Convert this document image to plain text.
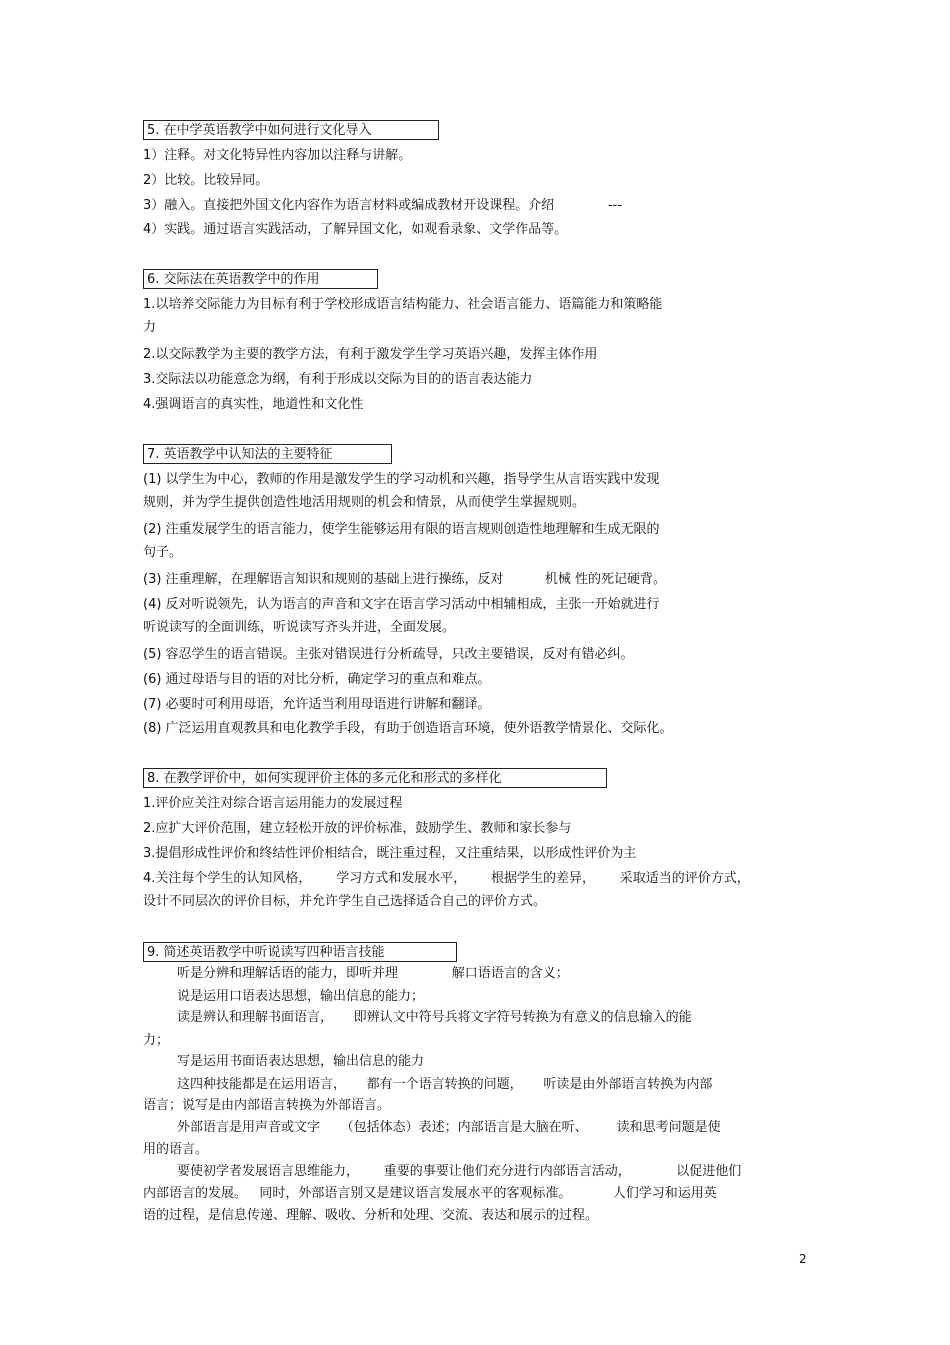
5. 在中学英语教学中如何进行文化导入
1）注释。对文化特异性内容加以注释与讲解。
2）比较。比较异同。
3）融入。直接把外国文化内容作为语言材料或编成教材开设课程。介绍             ---
4）实践。通过语言实践活动，了解异国文化，如观看录象、文学作品等。
6. 交际法在英语教学中的作用
1.以培养交际能力为目标有利于学校形成语言结构能力、社会语言能力、语篇能力和策略能
力
2.以交际教学为主要的教学方法，有利于激发学生学习英语兴趣，发挥主体作用
3.交际法以功能意念为纲，有利于形成以交际为目的的语言表达能力
4.强调语言的真实性，地道性和文化性
7. 英语教学中认知法的主要特征
(1) 以学生为中心，教师的作用是激发学生的学习动机和兴趣，指导学生从言语实践中发现
规则，并为学生提供创造性地活用规则的机会和情景，从而使学生掌握规则。
(2) 注重发展学生的语言能力，使学生能够运用有限的语言规则创造性地理解和生成无限的
句子。
(3) 注重理解，在理解语言知识和规则的基础上进行操练，反对          机械 性的死记硬背。
(4) 反对听说领先，认为语言的声音和文字在语言学习活动中相辅相成，主张一开始就进行
听说读写的全面训练，听说读写齐头并进，全面发展。
(5) 容忍学生的语言错误。主张对错误进行分析疏导，只改主要错误，反对有错必纠。
(6) 通过母语与目的语的对比分析，确定学习的重点和难点。
(7) 必要时可利用母语，允许适当利用母语进行讲解和翻译。
(8) 广泛运用直观教具和电化教学手段，有助于创造语言环境，使外语教学情景化、交际化。
8. 在教学评价中，如何实现评价主体的多元化和形式的多样化
1.评价应关注对综合语言运用能力的发展过程
2.应扩大评价范围，建立轻松开放的评价标准，鼓励学生、教师和家长参与
3.提倡形成性评价和终结性评价相结合，既注重过程，又注重结果，以形成性评价为主
4.关注每个学生的认知风格，      学习方式和发展水平，      根据学生的差异，      采取适当的评价方式，
设计不同层次的评价目标，并允许学生自己选择适合自己的评价方式。
9. 简述英语教学中听说读写四种语言技能
听是分辨和理解话语的能力，即听并理             解口语语言的含义；
说是运用口语表达思想，输出信息的能力；
读是辨认和理解书面语言，     即辨认文中符号兵将文字符号转换为有意义的信息输入的能
力；
写是运用书面语表达思想，输出信息的能力
这四种技能都是在运用语言，     都有一个语言转换的问题，     听读是由外部语言转换为内部
语言；说写是由内部语言转换为外部语言。
外部语言是用声音或文字     （包括体态）表述；内部语言是大脑在听、       读和思考问题是使
用的语言。
要使初学者发展语言思维能力，      重要的事要让他们充分进行内部语言活动，           以促进他们
内部语言的发展。   同时，外部语言别又是建议语言发展水平的客观标准。          人们学习和运用英
语的过程，是信息传递、理解、吸收、分析和处理、交流、表达和展示的过程。
2
